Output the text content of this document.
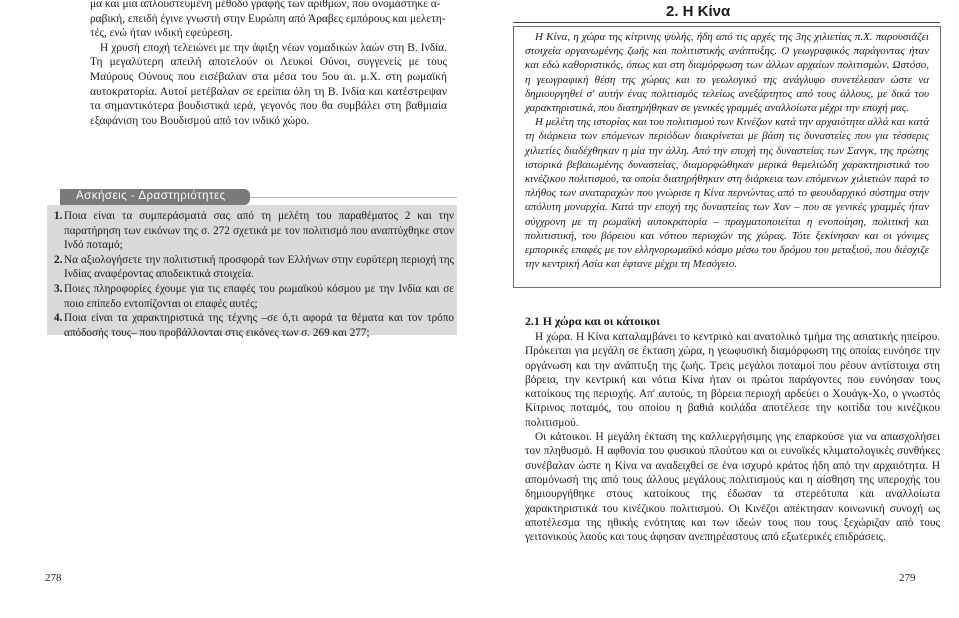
μα και μια απλουστευμένη μέθοδο γραφής των αριθμών, που ονομάστηκε α-

ραβική, επειδή έγινε γνωστή στην Ευρώπη από Άραβες εμπόρους και μελετη-

τές, ενώ ήταν ινδική εφεύρεση.

Η χρυσή εποχή τελειώνει με την άφιξη νέων νομαδικών λαών στη Β. Ινδία. Τη μεγαλύτερη απειλή αποτελούν οι Λευκοί Ούνοι, συγγενείς με τους Μαύρους Ούνους που εισέβαλαν στα μέσα του 5ου αι. μ.Χ. στη ρωμαϊκή αυτοκρατορία. Αυτοί μετέβαλαν σε ερείπια όλη τη Β. Ινδία και κατέστρεψαν τα σημαντικότερα βουδιστικά ιερά, γεγονός που θα συμβάλει στη βαθμιαία εξαφάνιση του Βουδισμού από τον ινδικό χώρο.

Ασκήσεις - Δραστηριότητες
1. Ποια είναι τα συμπεράσματά σας από τη μελέτη του παραθέματος 2 και την παρατήρηση των εικόνων της σ. 272 σχετικά με τον πολιτισμό που αναπτύχθηκε στον Ινδό ποταμό;
2. Να αξιολογήσετε την πολιτιστική προσφορά των Ελλήνων στην ευρύτερη περιοχή της Ινδίας αναφέροντας αποδεικτικά στοιχεία.
3. Ποιες πληροφορίες έχουμε για τις επαφές του ρωμαϊκού κόσμου με την Ινδία και σε ποιο επίπεδο εντοπίζονται οι επαφές αυτές;
4. Ποια είναι τα χαρακτηριστικά της τέχνης –σε ό,τι αφορά τα θέματα και τον τρόπο απόδοσής τους– που προβάλλονται στις εικόνες των σ. 269 και 277;
278
2. Η Κίνα

Η Κίνα, η χώρα της κίτρινης ψυλής, ήδη από τις αρχές της 3ης χιλιετίας π.Χ. παρουσιάζει στοιχεία οργανωμένης ζωής και πολιτιστικής ανάπτυξης. Ο γεωγραφικός παράγοντας ήταν και εδώ καθοριστικός, όπως και στη διαμόρφωση των άλλων αρχαίων πολιτισμών. Ωστόσο, η γεωγραφική θέση της χώρας και το γεωλογικό της ανάγλυφο συνετέλεσαν ώστε να δημιουργηθεί σ' αυτήν ένας πολιτισμός τελείως ανεξάρτητος από τους άλλους, με δικά του χαρακτηριστικά, που διατηρήθηκαν σε γενικές γραμμές αναλλοίωτα μέχρι την εποχή μας.

Η μελέτη της ιστορίας και του πολιτισμού των Κινέζων κατά την αρχαιότητα αλλά και κατά τη διάρκεια των επόμενων περιόδων διακρίνεται με βάση τις δυναστείες που για τέσσερις χιλιετίες διαδέχθηκαν η μία την άλλη. Από την εποχή της δυναστείας των Σανγκ, της πρώτης ιστορικά βεβαιωμένης δυναστείας, διαμορφώθηκαν μερικά θεμελιώδη χαρακτηριστικά του κινέζικου πολιτισμού, τα οποία διατηρήθηκαν στη διάρκεια των επόμενων χιλιετιών παρά το πλήθος των αναταραχών που γνώρισε η Κίνα περνώντας από το φεουδαρχικό σύστημα στην απόλυτη μοναρχία. Κατά την εποχή της δυναστείας των Χαν – που σε γενικές γραμμές ήταν σύγχρονη με τη ρωμαϊκή αυτοκρατορία – πραγματοποιείται η ενοποίηση, πολιτική και πολιτιστική, του βόρειου και νότιου περιοχών της χώρας. Τότε ξεκίνησαν και οι γόνιμες εμπορικές επαφές με τον ελληνορωμαϊκό κόσμο μέσω του δρόμου του μεταξιού, που διέσχιζε την κεντρική Ασία και έφτανε μέχρι τη Μεσόγειο.

2.1 Η χώρα και οι κάτοικοι

Η χώρα. Η Κίνα καταλαμβάνει το κεντρικό και ανατολικό τμήμα της ασιατικής ηπείρου. Πρόκειται για μεγάλη σε έκταση χώρα, η γεωφυσική διαμόρφωση της οποίας ευνόησε την οργάνωση και την ανάπτυξη της ζωής. Τρεις μεγάλοι ποταμοί που ρέουν αντίστοιχα στη βόρεια, την κεντρική και νότια Κίνα ήταν οι πρώτοι παράγοντες που ευνόησαν τους κατοίκους της περιοχής. Απ' αυτούς, τη βόρεια περιοχή αρδεύει ο Χουάγκ-Χο, ο γνωστός Κίτρινος ποταμός, του οποίου η βαθιά κοιλάδα αποτέλεσε την κοιτίδα του κινέζικου πολιτισμού.

Οι κάτοικοι. Η μεγάλη έκταση της καλλιεργήσιμης γης επαρκούσε για να απασχολήσει τον πληθυσμό. Η αφθονία του φυσικού πλούτου και οι ευνοϊκές κλιματολογικές συνθήκες συνέβαλαν ώστε η Κίνα να αναδειχθεί σε ένα ισχυρό κράτος ήδη από την αρχαιότητα. Η απομόνωσή της από τους άλλους μεγάλους πολιτισμούς και η αίσθηση της υπεροχής του δημιουργήθηκε στους κατοίκους της έδωσαν τα στερεότυπα και αναλλοίωτα χαρακτηριστικά του κινέζικου πολιτισμού. Οι Κινέζοι απέκτησαν κοινωνική συνοχή ως αποτέλεσμα της ηθικής ενότητας και των ιδεών τους που τους ξεχώριζαν από τους γειτονικούς λαούς και τους άφησαν ανεπηρέαστους από εξωτερικές επιδράσεις.

279
